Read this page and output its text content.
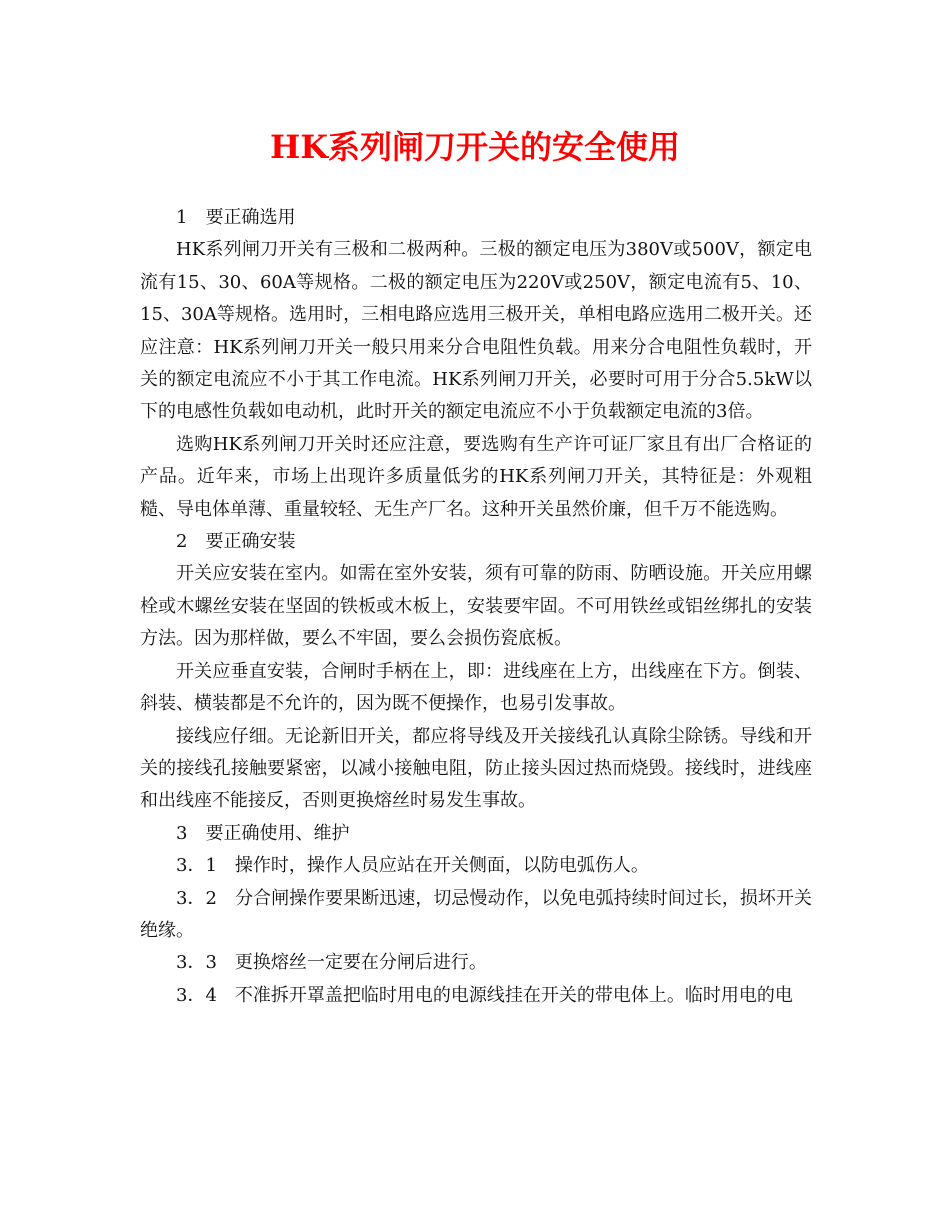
HK系列闸刀开关的安全使用

1　要正确选用

HK系列闸刀开关有三极和二极两种。三极的额定电压为380V或500V，额定电流有15、30、60A等规格。二极的额定电压为220V或250V，额定电流有5、10、15、30A等规格。选用时，三相电路应选用三极开关，单相电路应选用二极开关。还应注意：HK系列闸刀开关一般只用来分合电阻性负载。用来分合电阻性负载时，开关的额定电流应不小于其工作电流。HK系列闸刀开关，必要时可用于分合5.5kW以下的电感性负载如电动机，此时开关的额定电流应不小于负载额定电流的3倍。

选购HK系列闸刀开关时还应注意，要选购有生产许可证厂家且有出厂合格证的产品。近年来，市场上出现许多质量低劣的HK系列闸刀开关，其特征是：外观粗糙、导电体单薄、重量较轻、无生产厂名。这种开关虽然价廉，但千万不能选购。

2　要正确安装

开关应安装在室内。如需在室外安装，须有可靠的防雨、防晒设施。开关应用螺栓或木螺丝安装在坚固的铁板或木板上，安装要牢固。不可用铁丝或铝丝绑扎的安装方法。因为那样做，要么不牢固，要么会损伤瓷底板。

开关应垂直安装，合闸时手柄在上，即：进线座在上方，出线座在下方。倒装、斜装、横装都是不允许的，因为既不便操作，也易引发事故。

接线应仔细。无论新旧开关，都应将导线及开关接线孔认真除尘除锈。导线和开关的接线孔接触要紧密，以减小接触电阻，防止接头因过热而烧毁。接线时，进线座和出线座不能接反，否则更换熔丝时易发生事故。

3　要正确使用、维护

3．1　操作时，操作人员应站在开关侧面，以防电弧伤人。

3．2　分合闸操作要果断迅速，切忌慢动作，以免电弧持续时间过长，损坏开关绝缘。

3．3　更换熔丝一定要在分闸后进行。

3．4　不准拆开罩盖把临时用电的电源线挂在开关的带电体上。临时用电的电
